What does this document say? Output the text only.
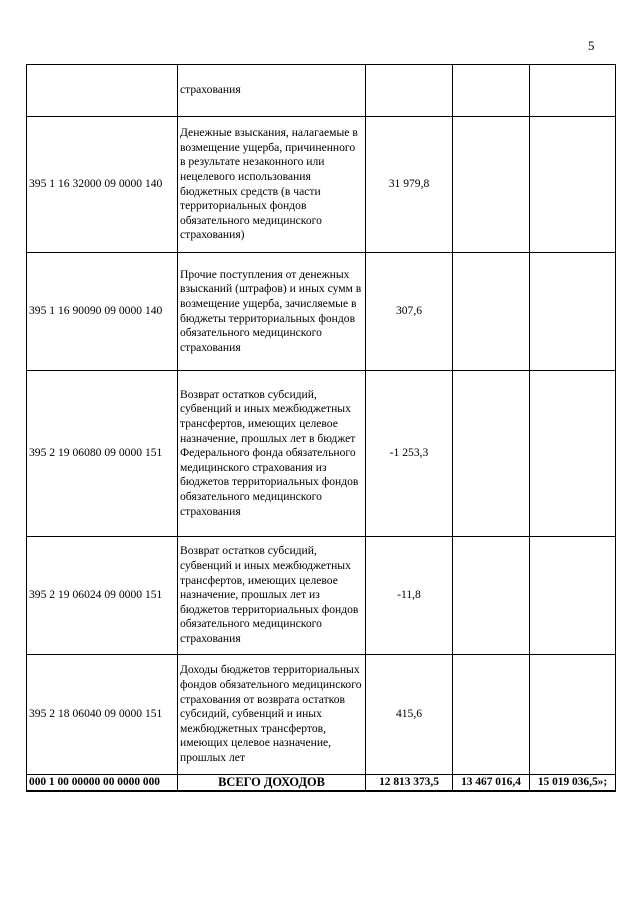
5
	страхования			
395 1 16 32000 09 0000 140	Денежные взыскания, налагаемые в возмещение ущерба, причиненного в результате незаконного или нецелевого использования бюджетных средств (в части территориальных фондов обязательного медицинского страхования)	31 979,8		
395 1 16 90090 09 0000 140	Прочие поступления от денежных взысканий (штрафов) и иных сумм в возмещение ущерба, зачисляемые в бюджеты территориальных фондов обязательного медицинского страхования	307,6		
395 2 19 06080 09 0000 151	Возврат остатков субсидий, субвенций и иных межбюджетных трансфертов, имеющих целевое назначение, прошлых лет в бюджет Федерального фонда обязательного медицинского страхования из бюджетов территориальных фондов обязательного медицинского страхования	-1 253,3		
395 2 19 06024 09 0000 151	Возврат остатков субсидий, субвенций и иных межбюджетных трансфертов, имеющих целевое назначение, прошлых лет из бюджетов территориальных фондов обязательного медицинского страхования	-11,8		
395 2 18 06040 09 0000 151	Доходы бюджетов территориальных фондов обязательного медицинского страхования от возврата остатков субсидий, субвенций и иных межбюджетных трансфертов, имеющих целевое назначение, прошлых лет	415,6		
000 1 00 00000 00 0000 000	ВСЕГО ДОХОДОВ	12 813 373,5	13 467 016,4	15 019 036,5»;
